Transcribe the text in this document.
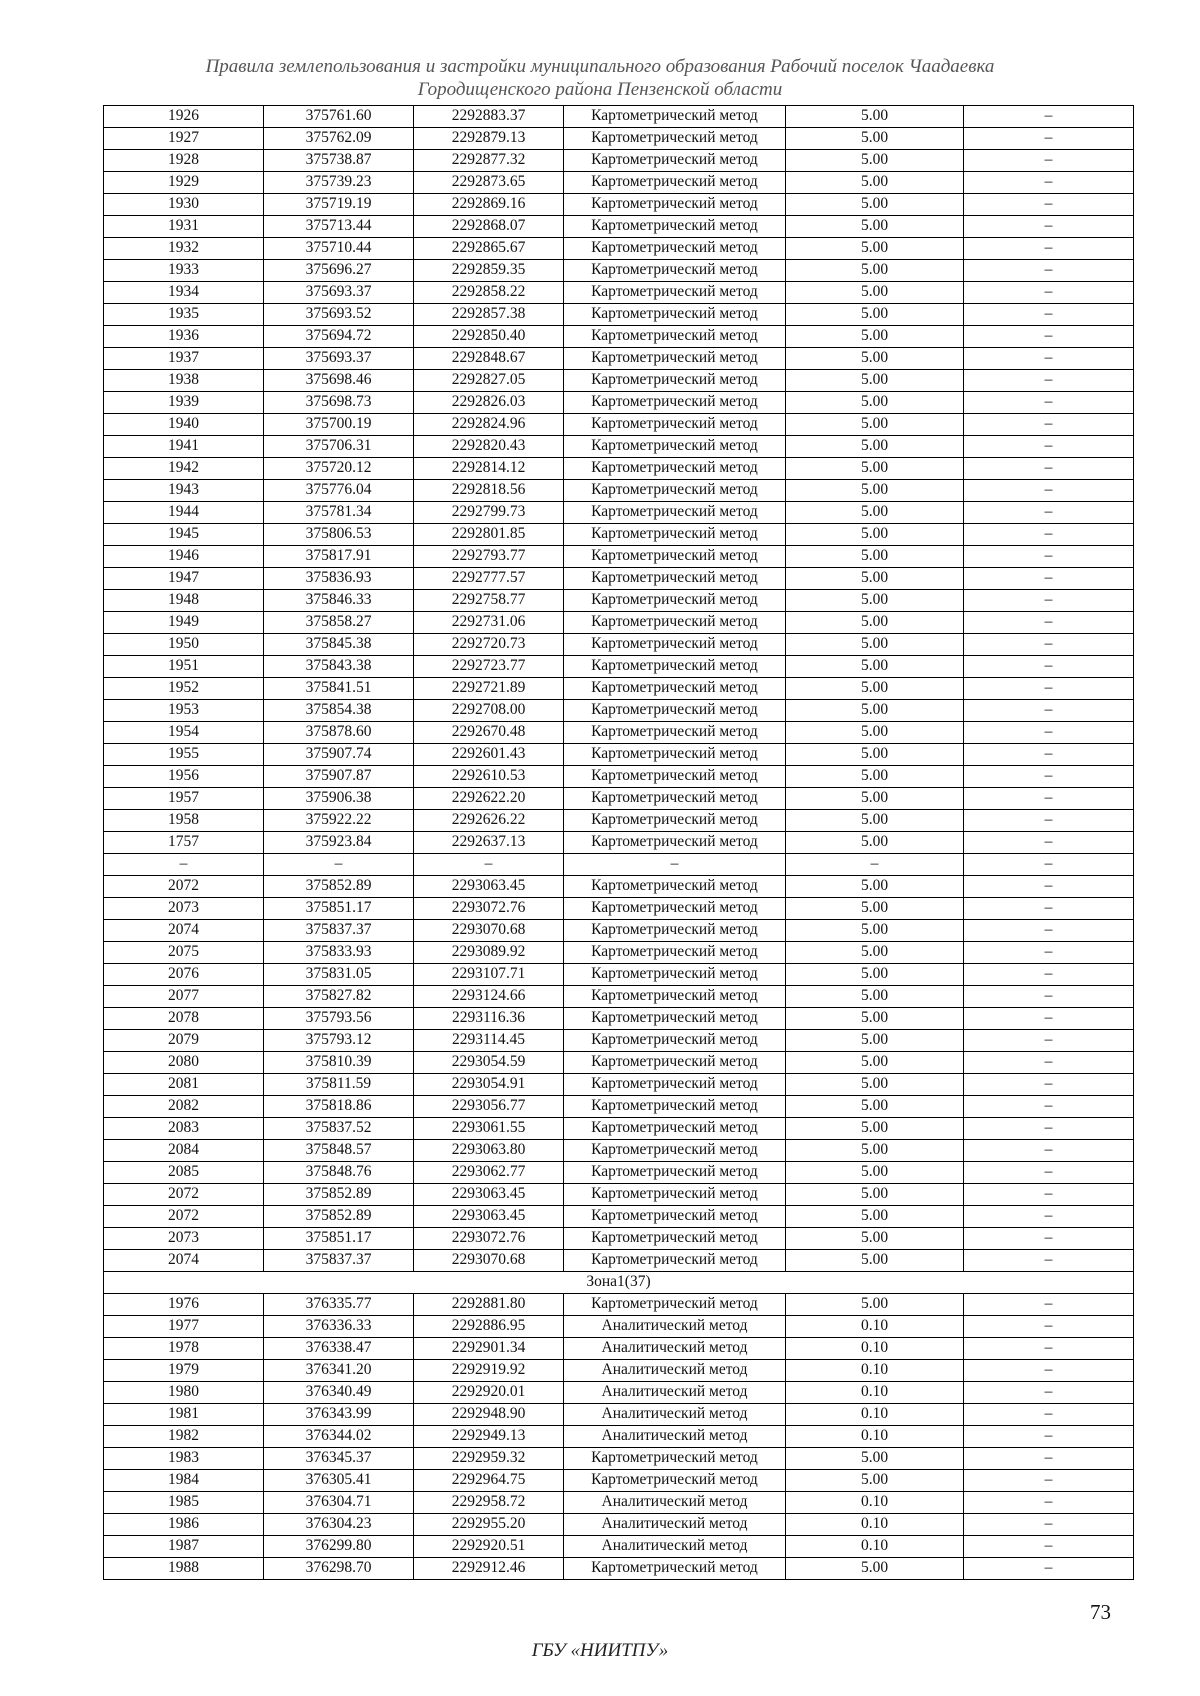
Правила землепользования и застройки муниципального образования Рабочий поселок Чаадаевка
Городищенского района Пензенской области
1926	375761.60	2292883.37	Картометрический метод	5.00	–
1927	375762.09	2292879.13	Картометрический метод	5.00	–
1928	375738.87	2292877.32	Картометрический метод	5.00	–
1929	375739.23	2292873.65	Картометрический метод	5.00	–
1930	375719.19	2292869.16	Картометрический метод	5.00	–
1931	375713.44	2292868.07	Картометрический метод	5.00	–
1932	375710.44	2292865.67	Картометрический метод	5.00	–
1933	375696.27	2292859.35	Картометрический метод	5.00	–
1934	375693.37	2292858.22	Картометрический метод	5.00	–
1935	375693.52	2292857.38	Картометрический метод	5.00	–
1936	375694.72	2292850.40	Картометрический метод	5.00	–
1937	375693.37	2292848.67	Картометрический метод	5.00	–
1938	375698.46	2292827.05	Картометрический метод	5.00	–
1939	375698.73	2292826.03	Картометрический метод	5.00	–
1940	375700.19	2292824.96	Картометрический метод	5.00	–
1941	375706.31	2292820.43	Картометрический метод	5.00	–
1942	375720.12	2292814.12	Картометрический метод	5.00	–
1943	375776.04	2292818.56	Картометрический метод	5.00	–
1944	375781.34	2292799.73	Картометрический метод	5.00	–
1945	375806.53	2292801.85	Картометрический метод	5.00	–
1946	375817.91	2292793.77	Картометрический метод	5.00	–
1947	375836.93	2292777.57	Картометрический метод	5.00	–
1948	375846.33	2292758.77	Картометрический метод	5.00	–
1949	375858.27	2292731.06	Картометрический метод	5.00	–
1950	375845.38	2292720.73	Картометрический метод	5.00	–
1951	375843.38	2292723.77	Картометрический метод	5.00	–
1952	375841.51	2292721.89	Картометрический метод	5.00	–
1953	375854.38	2292708.00	Картометрический метод	5.00	–
1954	375878.60	2292670.48	Картометрический метод	5.00	–
1955	375907.74	2292601.43	Картометрический метод	5.00	–
1956	375907.87	2292610.53	Картометрический метод	5.00	–
1957	375906.38	2292622.20	Картометрический метод	5.00	–
1958	375922.22	2292626.22	Картометрический метод	5.00	–
1757	375923.84	2292637.13	Картометрический метод	5.00	–
–	–	–	–	–	–
2072	375852.89	2293063.45	Картометрический метод	5.00	–
2073	375851.17	2293072.76	Картометрический метод	5.00	–
2074	375837.37	2293070.68	Картометрический метод	5.00	–
2075	375833.93	2293089.92	Картометрический метод	5.00	–
2076	375831.05	2293107.71	Картометрический метод	5.00	–
2077	375827.82	2293124.66	Картометрический метод	5.00	–
2078	375793.56	2293116.36	Картометрический метод	5.00	–
2079	375793.12	2293114.45	Картометрический метод	5.00	–
2080	375810.39	2293054.59	Картометрический метод	5.00	–
2081	375811.59	2293054.91	Картометрический метод	5.00	–
2082	375818.86	2293056.77	Картометрический метод	5.00	–
2083	375837.52	2293061.55	Картометрический метод	5.00	–
2084	375848.57	2293063.80	Картометрический метод	5.00	–
2085	375848.76	2293062.77	Картометрический метод	5.00	–
2072	375852.89	2293063.45	Картометрический метод	5.00	–
2072	375852.89	2293063.45	Картометрический метод	5.00	–
2073	375851.17	2293072.76	Картометрический метод	5.00	–
2074	375837.37	2293070.68	Картометрический метод	5.00	–
Зона1(37)					
1976	376335.77	2292881.80	Картометрический метод	5.00	–
1977	376336.33	2292886.95	Аналитический метод	0.10	–
1978	376338.47	2292901.34	Аналитический метод	0.10	–
1979	376341.20	2292919.92	Аналитический метод	0.10	–
1980	376340.49	2292920.01	Аналитический метод	0.10	–
1981	376343.99	2292948.90	Аналитический метод	0.10	–
1982	376344.02	2292949.13	Аналитический метод	0.10	–
1983	376345.37	2292959.32	Картометрический метод	5.00	–
1984	376305.41	2292964.75	Картометрический метод	5.00	–
1985	376304.71	2292958.72	Аналитический метод	0.10	–
1986	376304.23	2292955.20	Аналитический метод	0.10	–
1987	376299.80	2292920.51	Аналитический метод	0.10	–
1988	376298.70	2292912.46	Картометрический метод	5.00	–
73
ГБУ «НИИТПУ»
